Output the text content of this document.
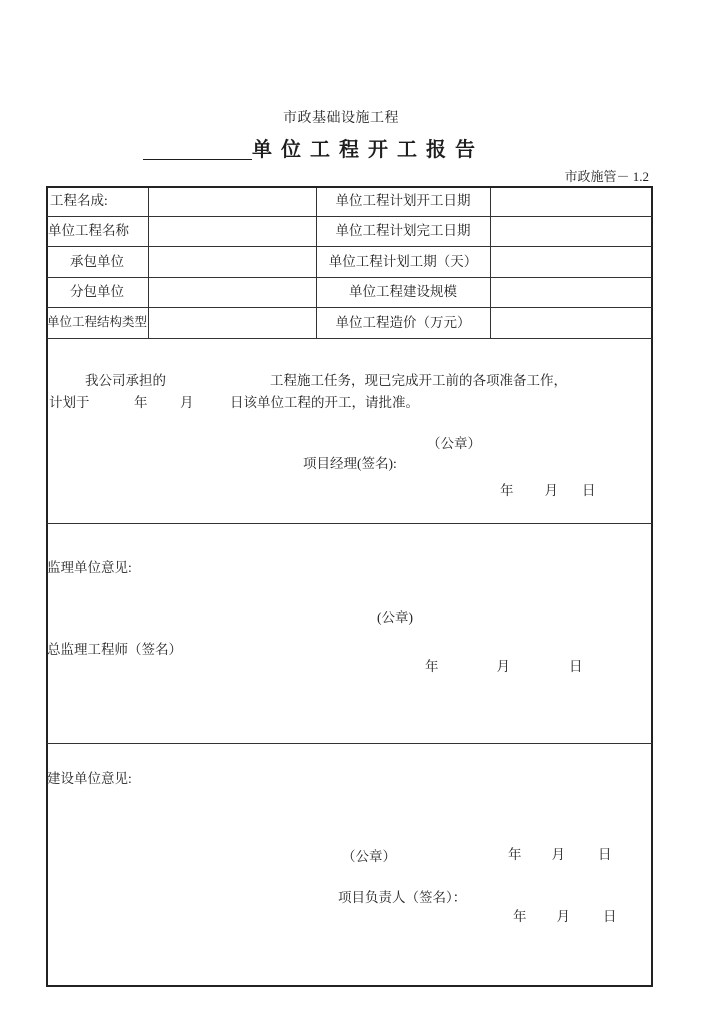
市政基础设施工程
单 位 工 程 开 工 报 告
市政施管－ 1.2
工程名成:	单位工程计划开工日期
单位工程名称	单位工程计划完工日期
承包单位	单位工程计划工期（天）
分包单位	单位工程建设规模
单位工程结构类型	单位工程造价（万元）
我公司承担的	工程施工任务，现已完成开工前的各项准备工作，
计划于	年 月	日该单位工程的开工，请批准。
（公章）
项目经理(签名):
年 月 日
监理单位意见:
(公章)
总监理工程师（签名）
年	月	日
建设单位意见:
（公章）	年 月 日
项目负责人（签名）：
年 月 日
